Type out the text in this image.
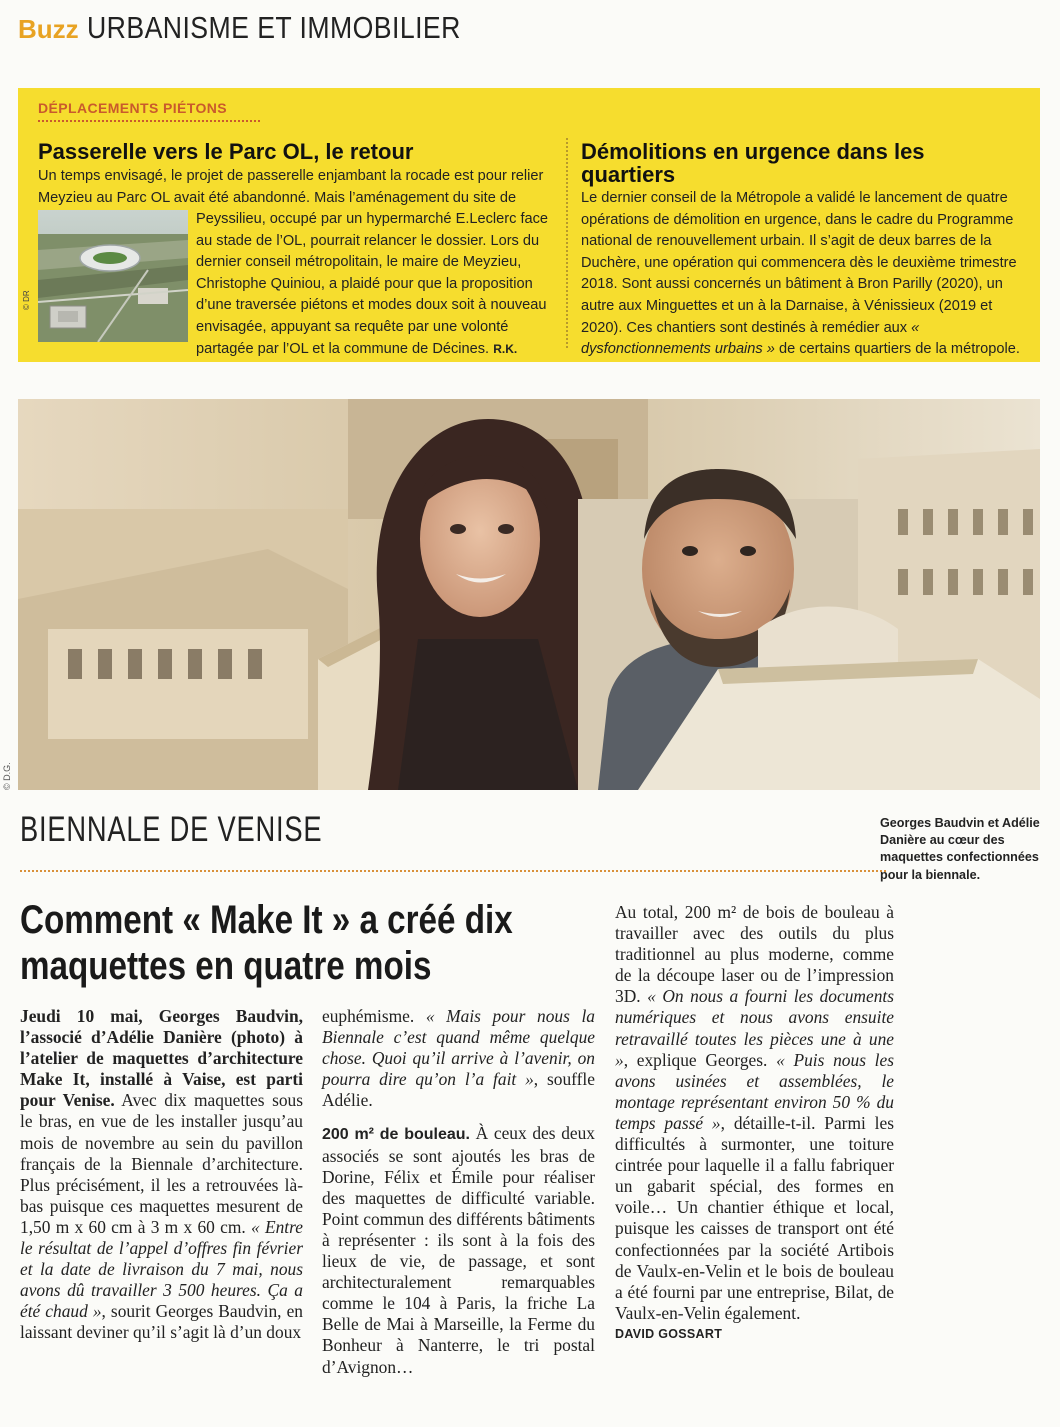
Buzz URBANISME ET IMMOBILIER
DÉPLACEMENTS PIÉTONS
Passerelle vers le Parc OL, le retour
Un temps envisagé, le projet de passerelle enjambant la rocade est pour relier Meyzieu au Parc OL avait été abandonné. Mais l’aménagement du site de
© DR
Peyssilieu, occupé par un hypermarché E.Leclerc face au stade de l’OL, pourrait relancer le dossier. Lors du dernier conseil métropolitain, le maire de Meyzieu, Christophe Quiniou, a plaidé pour que la proposition d’une traversée piétons et modes doux soit à nouveau envisagée, appuyant sa requête par une volonté partagée par l’OL et la commune de Décines. R.K.
Démolitions en urgence dans les quartiers
Le dernier conseil de la Métropole a validé le lancement de quatre opérations de démolition en urgence, dans le cadre du Programme national de renouvellement urbain. Il s’agit de deux barres de la Duchère, une opération qui commencera dès le deuxième trimestre 2018. Sont aussi concernés un bâtiment à Bron Parilly (2020), un autre aux Minguettes et un à la Darnaise, à Vénissieux (2019 et 2020). Ces chantiers sont destinés à remédier aux « dysfonctionnements urbains » de certains quartiers de la métropole.
© D.G.
Georges Baudvin et Adélie Danière au cœur des maquettes confectionnées pour la biennale.
BIENNALE DE VENISE
Comment « Make It » a créé dix maquettes en quatre mois
Jeudi 10 mai, Georges Baudvin, l’associé d’Adélie Danière (photo) à l’atelier de maquettes d’architecture Make It, installé à Vaise, est parti pour Venise. Avec dix maquettes sous le bras, en vue de les installer jusqu’au mois de novembre au sein du pavillon français de la Biennale d’architecture. Plus précisément, il les a retrouvées là-bas puisque ces maquettes mesurent de 1,50 m x 60 cm à 3 m x 60 cm. « Entre le résultat de l’appel d’offres fin février et la date de livraison du 7 mai, nous avons dû travailler 3 500 heures. Ça a été chaud », sourit Georges Baudvin, en laissant deviner qu’il s’agit là d’un doux
euphémisme. « Mais pour nous la Biennale c’est quand même quelque chose. Quoi qu’il arrive à l’avenir, on pourra dire qu’on l’a fait », souffle Adélie.
200 m² de bouleau. À ceux des deux associés se sont ajoutés les bras de Dorine, Félix et Émile pour réaliser des maquettes de difficulté variable. Point commun des différents bâtiments à représenter : ils sont à la fois des lieux de vie, de passage, et sont architecturalement remarquables comme le 104 à Paris, la friche La Belle de Mai à Marseille, la Ferme du Bonheur à Nanterre, le tri postal d’Avignon…
Au total, 200 m² de bois de bouleau à travailler avec des outils du plus traditionnel au plus moderne, comme de la découpe laser ou de l’impression 3D. « On nous a fourni les documents numériques et nous avons ensuite retravaillé toutes les pièces une à une », explique Georges. « Puis nous les avons usinées et assemblées, le montage représentant environ 50 % du temps passé », détaille-t-il. Parmi les difficultés à surmonter, une toiture cintrée pour laquelle il a fallu fabriquer un gabarit spécial, des formes en voile… Un chantier éthique et local, puisque les caisses de transport ont été confectionnées par la société Artibois de Vaulx-en-Velin et le bois de bouleau a été fourni par une entreprise, Bilat, de Vaulx-en-Velin également.
DAVID GOSSART
